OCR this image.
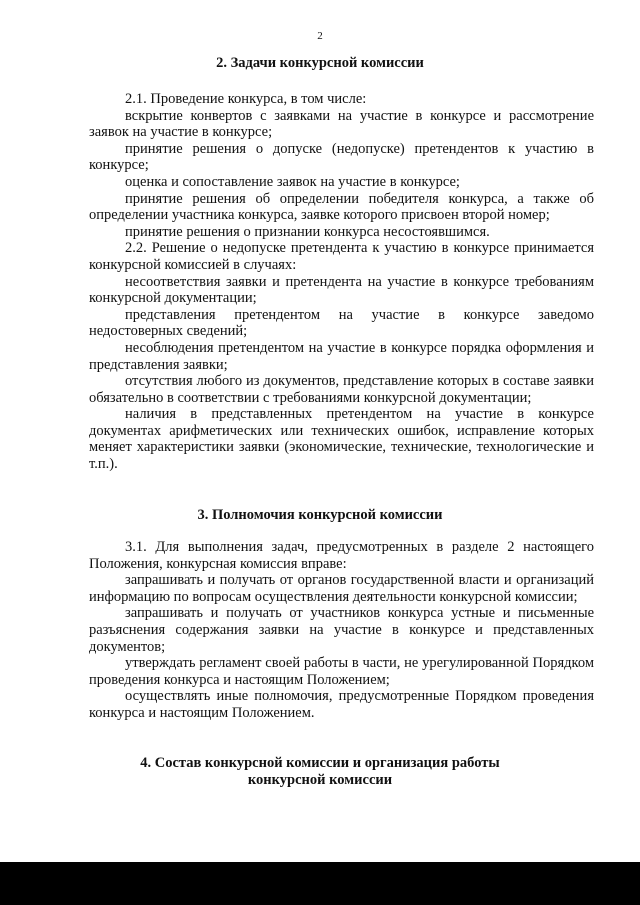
2
2. Задачи конкурсной комиссии

2.1. Проведение конкурса, в том числе:

вскрытие конвертов с заявками на участие в конкурсе и рассмотрение заявок на участие в конкурсе;

принятие решения о допуске (недопуске) претендентов к участию в конкурсе;

оценка и сопоставление заявок на участие в конкурсе;

принятие решения об определении победителя конкурса, а также об определении участника конкурса, заявке которого присвоен второй номер;

принятие решения о признании конкурса несостоявшимся.

2.2. Решение о недопуске претендента к участию в конкурсе принимается конкурсной комиссией в случаях:

несоответствия заявки и претендента на участие в конкурсе требованиям конкурсной документации;

представления претендентом на участие в конкурсе заведомо недостоверных сведений;

несоблюдения претендентом на участие в конкурсе порядка оформления и представления заявки;

отсутствия любого из документов, представление которых в составе заявки обязательно в соответствии с требованиями конкурсной документации;

наличия в представленных претендентом на участие в конкурсе документах арифметических или технических ошибок, исправление которых меняет характеристики заявки (экономические, технические, технологические и т.п.).

3. Полномочия конкурсной комиссии

3.1. Для выполнения задач, предусмотренных в разделе 2 настоящего Положения, конкурсная комиссия вправе:

запрашивать и получать от органов государственной власти и организаций информацию по вопросам осуществления деятельности конкурсной комиссии;

запрашивать и получать от участников конкурса устные и письменные разъяснения содержания заявки на участие в конкурсе и представленных документов;

утверждать регламент своей работы в части, не урегулированной Порядком проведения конкурса и настоящим Положением;

осуществлять иные полномочия, предусмотренные Порядком проведения конкурса и настоящим Положением.

4. Состав конкурсной комиссии и организация работы
конкурсной комиссии
